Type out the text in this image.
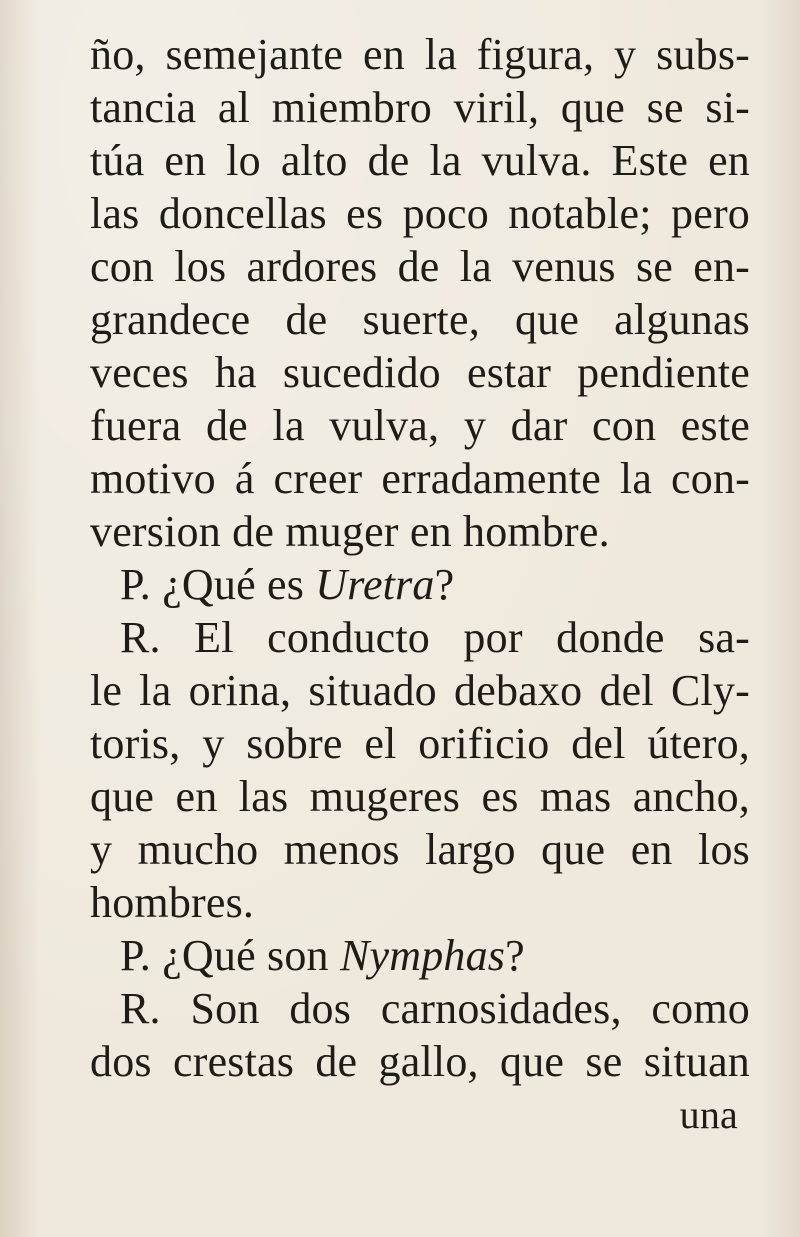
ño, semejante en la figura, y subs-
tancia al miembro viril, que se si-
túa en lo alto de la vulva. Este en
las doncellas es poco notable; pero
con los ardores de la venus se en-
grandece de suerte, que algunas
veces ha sucedido estar pendiente
fuera de la vulva, y dar con este
motivo á creer erradamente la con-
version de muger en hombre.
P. ¿Qué es Uretra?
R. El conducto por donde sa-
le la orina, situado debaxo del Cly-
toris, y sobre el orificio del útero,
que en las mugeres es mas ancho,
y mucho menos largo que en los
hombres.
P. ¿Qué son Nymphas?
R. Son dos carnosidades, como
dos crestas de gallo, que se situan
una
